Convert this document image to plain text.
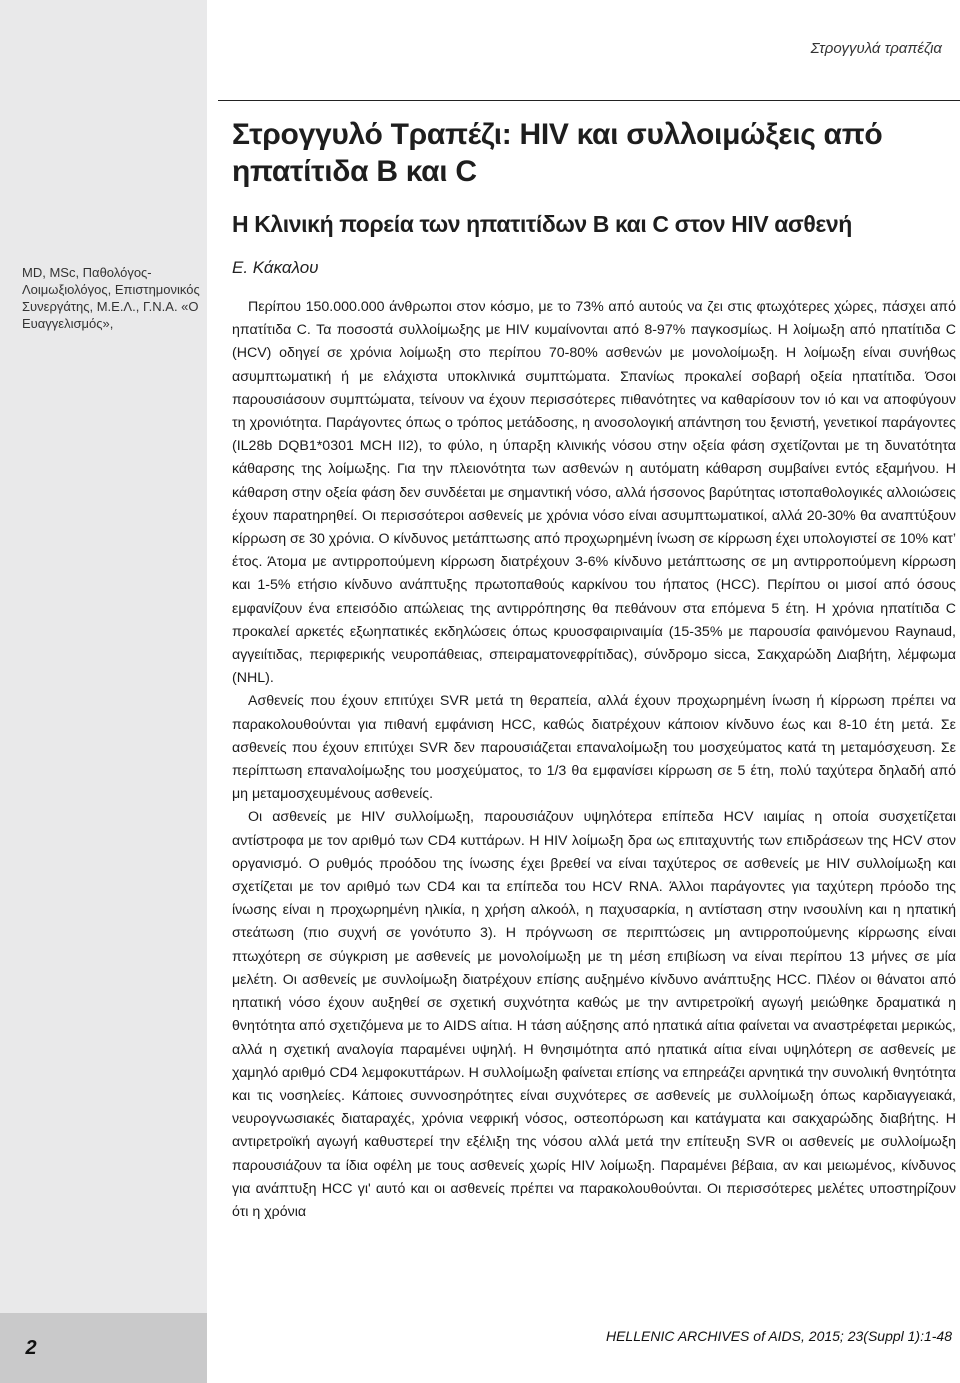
2
Στρογγυλά τραπέζια
Στρογγυλό Τραπέζι: HIV και συλλοιμώξεις από ηπατίτιδα B και C
Η Κλινική πορεία των ηπατιτίδων B και C στον HIV ασθενή

Ε. Κάκαλου

MD, MSc, Παθολόγος-Λοιμωξιολόγος, Επιστημονικός Συνεργάτης, Μ.Ε.Λ., Γ.Ν.Α. «Ο Ευαγγελισμός»,

Περίπου 150.000.000 άνθρωποι στον κόσμο, με το 73% από αυτούς να ζει στις φτωχότερες χώρες, πάσχει από ηπατίτιδα C. Τα ποσοστά συλλοίμωξης με HIV κυμαίνονται από 8-97% παγκοσμίως. Η λοίμωξη από ηπατίτιδα C (HCV) οδηγεί σε χρόνια λοίμωξη στο περίπου 70-80% ασθενών με μονολοίμωξη. Η λοίμωξη είναι συνήθως ασυμπτωματική ή με ελάχιστα υποκλινικά συμπτώματα. Σπανίως προκαλεί σοβαρή οξεία ηπατίτιδα. Όσοι παρουσιάσουν συμπτώματα, τείνουν να έχουν περισσότερες πιθανότητες να καθαρίσουν τον ιό και να αποφύγουν τη χρονιότητα. Παράγοντες όπως ο τρόπος μετάδοσης, η ανοσολογική απάντηση του ξενιστή, γενετικοί παράγοντες (IL28b DQB1*0301 MCH II2), το φύλο, η ύπαρξη κλινικής νόσου στην οξεία φάση σχετίζονται με τη δυνατότητα κάθαρσης της λοίμωξης. Για την πλειονότητα των ασθενών η αυτόματη κάθαρση συμβαίνει εντός εξαμήνου. Η κάθαρση στην οξεία φάση δεν συνδέεται με σημαντική νόσο, αλλά ήσσονος βαρύτητας ιστοπαθολογικές αλλοιώσεις έχουν παρατηρηθεί. Οι περισσότεροι ασθενείς με χρόνια νόσο είναι ασυμπτωματικοί, αλλά 20-30% θα αναπτύξουν κίρρωση σε 30 χρόνια. Ο κίνδυνος μετάπτωσης από προχωρημένη ίνωση σε κίρρωση έχει υπολογιστεί σε 10% κατ’ έτος. Άτομα με αντιρροπούμενη κίρρωση διατρέχουν 3-6% κίνδυνο μετάπτωσης σε μη αντιρροπούμενη κίρρωση και 1-5% ετήσιο κίνδυνο ανάπτυξης πρωτοπαθούς καρκίνου του ήπατος (HCC). Περίπου οι μισοί από όσους εμφανίζουν ένα επεισόδιο απώλειας της αντιρρόπησης θα πεθάνουν στα επόμενα 5 έτη. Η χρόνια ηπατίτιδα C προκαλεί αρκετές εξωηπατικές εκδηλώσεις όπως κρυοσφαιριναιμία (15-35% με παρουσία φαινόμενου Raynaud, αγγειίτιδας, περιφερικής νευροπάθειας, σπειραματονεφρίτιδας), σύνδρομο sicca, Σακχαρώδη Διαβήτη, λέμφωμα (NHL).

Ασθενείς που έχουν επιτύχει SVR μετά τη θεραπεία, αλλά έχουν προχωρημένη ίνωση ή κίρρωση πρέπει να παρακολουθούνται για πιθανή εμφάνιση HCC, καθώς διατρέχουν κάποιον κίνδυνο έως και 8-10 έτη μετά. Σε ασθενείς που έχουν επιτύχει SVR δεν παρουσιάζεται επαναλοίμωξη του μοσχεύματος κατά τη μεταμόσχευση. Σε περίπτωση επαναλοίμωξης του μοσχεύματος, το 1/3 θα εμφανίσει κίρρωση σε 5 έτη, πολύ ταχύτερα δηλαδή από μη μεταμοσχευμένους ασθενείς.

Οι ασθενείς με HIV συλλοίμωξη, παρουσιάζουν υψηλότερα επίπεδα HCV ιαιμίας η οποία συσχετίζεται αντίστροφα με τον αριθμό των CD4 κυττάρων. Η HIV λοίμωξη δρα ως επιταχυντής των επιδράσεων της HCV στον οργανισμό. Ο ρυθμός προόδου της ίνωσης έχει βρεθεί να είναι ταχύτερος σε ασθενείς με HIV συλλοίμωξη και σχετίζεται με τον αριθμό των CD4 και τα επίπεδα του HCV RNA. Άλλοι παράγοντες για ταχύτερη πρόοδο της ίνωσης είναι η προχωρημένη ηλικία, η χρήση αλκοόλ, η παχυσαρκία, η αντίσταση στην ινσουλίνη και η ηπατική στεάτωση (πιο συχνή σε γονότυπο 3). Η πρόγνωση σε περιπτώσεις μη αντιρροπούμενης κίρρωσης είναι πτωχότερη σε σύγκριση με ασθενείς με μονολοίμωξη με τη μέση επιβίωση να είναι περίπου 13 μήνες σε μία μελέτη. Οι ασθενείς με συνλοίμωξη διατρέχουν επίσης αυξημένο κίνδυνο ανάπτυξης HCC. Πλέον οι θάνατοι από ηπατική νόσο έχουν αυξηθεί σε σχετική συχνότητα καθώς με την αντιρετροϊκή αγωγή μειώθηκε δραματικά η θνητότητα από σχετιζόμενα με το AIDS αίτια. Η τάση αύξησης από ηπατικά αίτια φαίνεται να αναστρέφεται μερικώς, αλλά η σχετική αναλογία παραμένει υψηλή. Η θνησιμότητα από ηπατικά αίτια είναι υψηλότερη σε ασθενείς με χαμηλό αριθμό CD4 λεμφοκυττάρων. Η συλλοίμωξη φαίνεται επίσης να επηρεάζει αρνητικά την συνολική θνητότητα και τις νοσηλείες. Κάποιες συννοσηρότητες είναι συχνότερες σε ασθενείς με συλλοίμωξη όπως καρδιαγγειακά, νευρογνωσιακές διαταραχές, χρόνια νεφρική νόσος, οστεοπόρωση και κατάγματα και σακχαρώδης διαβήτης. Η αντιρετροϊκή αγωγή καθυστερεί την εξέλιξη της νόσου αλλά μετά την επίτευξη SVR οι ασθενείς με συλλοίμωξη παρουσιάζουν τα ίδια οφέλη με τους ασθενείς χωρίς HIV λοίμωξη. Παραμένει βέβαια, αν και μειωμένος, κίνδυνος για ανάπτυξη HCC γι' αυτό και οι ασθενείς πρέπει να παρακολουθούνται. Οι περισσότερες μελέτες υποστηρίζουν ότι η χρόνια

HELLENIC ARCHIVES of AIDS, 2015; 23(Suppl 1):1-48
